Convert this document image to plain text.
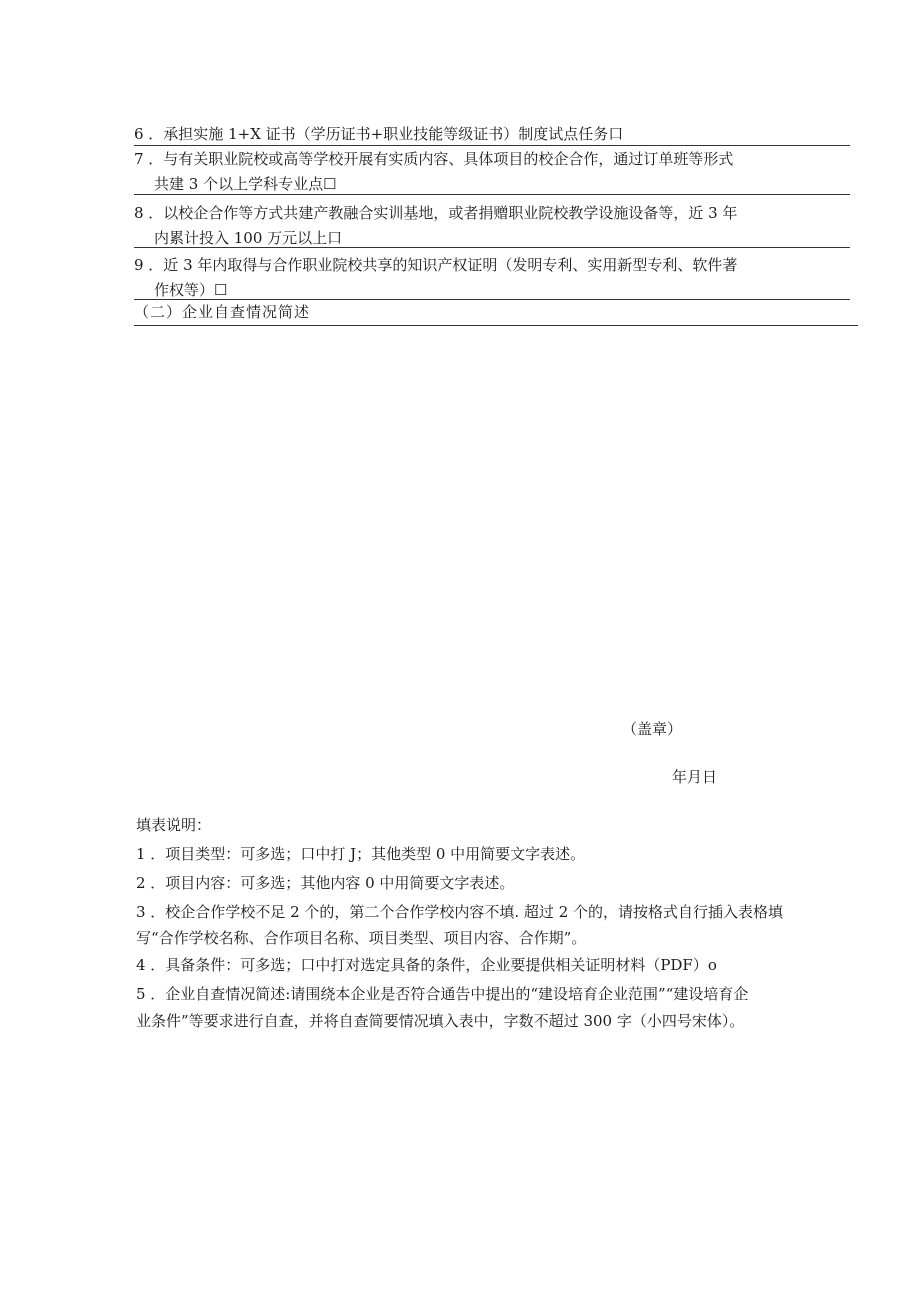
6 ．承担实施 1+X 证书（学历证书+职业技能等级证书）制度试点任务口
7 ．与有关职业院校或高等学校开展有实质内容、具体项目的校企合作，通过订单班等形式
共建 3 个以上学科专业点☐
8 ．以校企合作等方式共建产教融合实训基地，或者捐赠职业院校教学设施设备等，近 3 年
内累计投入 100 万元以上口
9 ．近 3 年内取得与合作职业院校共享的知识产权证明（发明专利、实用新型专利、软件著
作权等）☐
（二）企业自查情况简述
（盖章）
年月日
填表说明：
1 ．项目类型：可多选；口中打 J；其他类型 0 中用简要文字表述。
2 ．项目内容：可多选；其他内容 0 中用简要文字表述。
3 ．校企合作学校不足 2 个的，第二个合作学校内容不填. 超过 2 个的，请按格式自行插入表格填
写“合作学校名称、合作项目名称、项目类型、项目内容、合作期”。
4 ．具备条件：可多选；口中打对选定具备的条件，企业要提供相关证明材料（PDF）o
5 ．企业自查情况简述:请围绕本企业是否符合通告中提出的“建设培育企业范围”“建设培育企
业条件”等要求进行自查，并将自查简要情况填入表中，字数不超过 300 字（小四号宋体）。
